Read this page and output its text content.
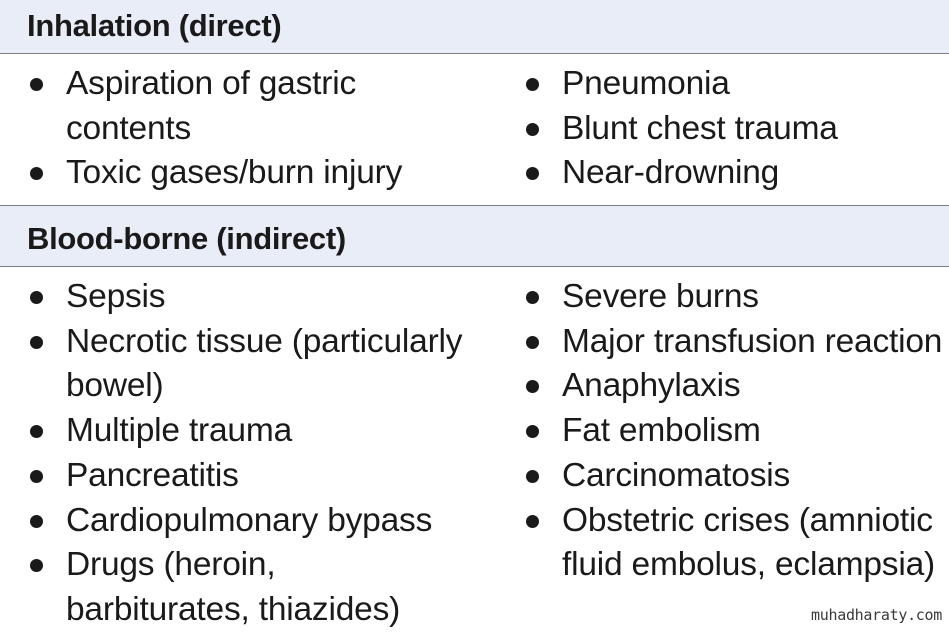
Inhalation (direct)
Aspiration of gastric contents
Toxic gases/burn injury
Pneumonia
Blunt chest trauma
Near-drowning
Blood-borne (indirect)
Sepsis
Necrotic tissue (particularly bowel)
Multiple trauma
Pancreatitis
Cardiopulmonary bypass
Drugs (heroin, barbiturates, thiazides)
Severe burns
Major transfusion reaction
Anaphylaxis
Fat embolism
Carcinomatosis
Obstetric crises (amniotic fluid embolus, eclampsia)
muhadharaty.com
